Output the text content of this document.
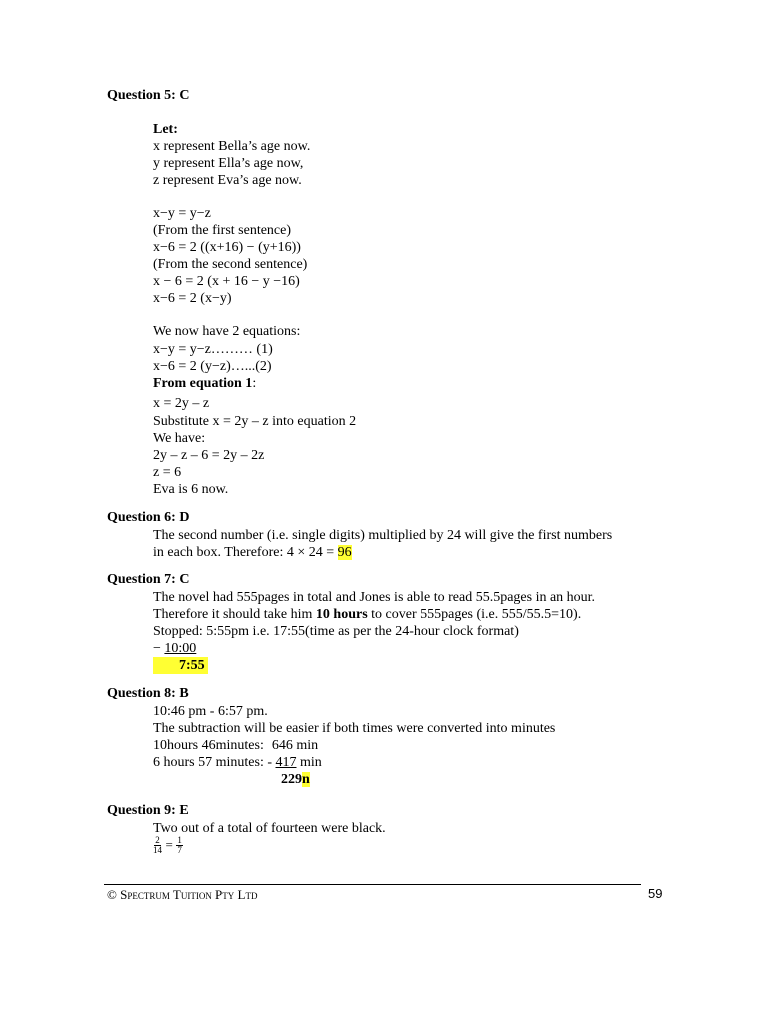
Question 5: C
Let:
x represent Bella’s age now.
y represent Ella’s age now,
z represent Eva’s age now.
x−y = y−z
(From the first sentence)
x−6 = 2 ((x+16) − (y+16))
(From the second sentence)
x − 6 = 2 (x + 16 − y −16)
x−6 = 2 (x−y)
We now have 2 equations:
x−y = y−z……… (1)
x−6 = 2 (y−z)…...(2)
From equation 1:
x = 2y – z
Substitute x = 2y – z into equation 2
We have:
2y – z – 6 = 2y – 2z
z = 6
Eva is 6 now.
Question 6: D
The second number (i.e. single digits) multiplied by 24 will give the first numbers
in each box. Therefore: 4 × 24 = 96
Question 7: C
The novel had 555pages in total and Jones is able to read 55.5pages in an hour.
Therefore it should take him 10 hours to cover 555pages (i.e. 555/55.5=10).
Stopped: 5:55pm i.e. 17:55(time as per the 24-hour clock format)
− 10:00
7:55
Question 8: B
10:46 pm - 6:57 pm.
The subtraction will be easier if both times were converted into minutes
10hours 46minutes: 646 min
6 hours 57 minutes: - 417 min
229n
Question 9: E
Two out of a total of fourteen were black.
$\frac{2}{14} = \frac{1}{7}$
© Spectrum Tuition Pty Ltd	59
